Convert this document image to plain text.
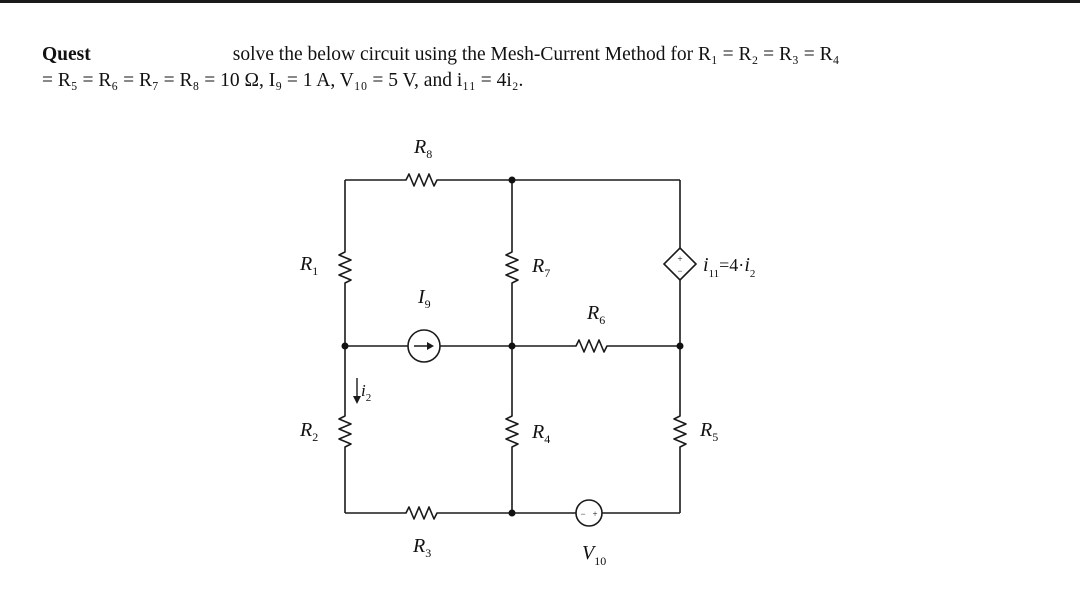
Quest	solve the below circuit using the Mesh-Current Method for R₁ = R₂ = R₃ = R₄
= R₅ = R₆ = R₇ = R₈ = 10 Ω, I₉ = 1 A, V₁₀ = 5 V, and i₁₁ = 4i₂.
+
−
− +
$R_8$
$R_1$	$R_7$
$R_6$
$R_2$	$R_4$	$R_5$
$R_3$
$I_9$
$V_{10}$
$i_2$
$i_{11}=4\cdot i_2$
